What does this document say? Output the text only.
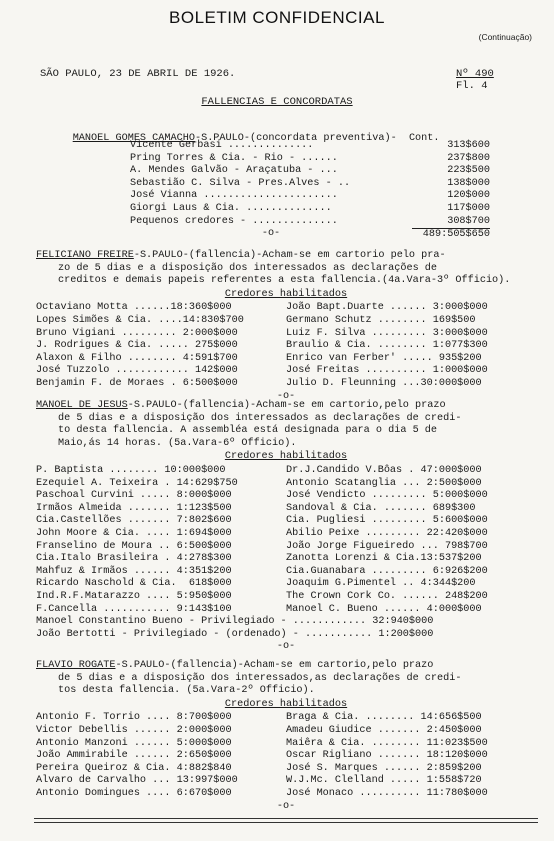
BOLETIM CONFIDENCIAL
(Continuação)
SÃO PAULO, 23 DE ABRIL DE 1926.	Nº 490
Fl. 4
FALLENCIAS E CONCORDATAS

MANOEL GOMES CAMACHO-S.PAULO-(concordata preventiva)-  Cont.

Vicente Gerbasi ..............	313$600
Pring Torres & Cia. - Rio - ......	237$800
A. Mendes Galvão - Araçatuba - ...	223$500
Sebastião C. Silva - Pres.Alves - ..	138$000
José Vianna ......................	120$000
Giorgi Laus & Cia. ..............	117$000
Pequenos credores - ..............	308$700
-o-	489:505$650
FELICIANO FREIRE-S.PAULO-(fallencia)-Acham-se em cartorio pelo pra-
zo de 5 dias e a disposição dos interessados as declarações de
creditos e demais papeis referentes a esta fallencia.(4a.Vara-3º Officio).
Credores habilitados
Octaviano Motta ......18:360$000	João Bapt.Duarte ...... 3:000$000
Lopes Simões & Cia. ....14:830$700	Germano Schutz ........ 169$500
Bruno Vigiani ......... 2:000$000	Luiz F. Silva ......... 3:000$000
J. Rodrigues & Cia. ..... 275$000	Braulio & Cia. ........ 1:077$300
Alaxon & Filho ........ 4:591$700	Enrico van Ferber' ..... 935$200
José Tuzzolo ............ 142$000	José Freitas .......... 1:000$000
Benjamin F. de Moraes . 6:500$000	Julio D. Fleunning ...30:000$000
-o-
MANOEL DE JESUS-S.PAULO-(fallencia)-Acham-se em cartorio,pelo prazo
de 5 dias e a disposição dos interessados as declarações de credi-
to desta fallencia. A assembléa está designada para o dia 5 de
Maio,ás 14 horas. (5a.Vara-6º Officio).
Credores habilitados
P. Baptista ........ 10:000$000	Dr.J.Candido V.Bôas . 47:000$000
Ezequiel A. Teixeira . 14:629$750	Antonio Scatanglia ... 2:500$000
Paschoal Curvini ..... 8:000$000	José Vendicto ......... 5:000$000
Irmãos Almeida ....... 1:123$500	Sandoval & Cia. ....... 689$300
Cia.Castellões ....... 7:802$600	Cia. Pugliesi ......... 5:600$000
John Moore & Cia. .... 1:694$000	Abilio Peixe ......... 22:420$000
Franselino de Moura .. 6:500$000	João Jorge Figueiredo ... 798$700
Cia.Italo Brasileira . 4:278$300	Zanotta Lorenzi & Cia.13:537$200
Mahfuz & Irmãos ...... 4:351$200	Cia.Guanabara ......... 6:926$200
Ricardo Naschold & Cia.  618$000	Joaquim G.Pimentel .. 4:344$200
Ind.R.F.Matarazzo .... 5:950$000	The Crown Cork Co. ...... 248$200
F.Cancella ........... 9:143$100	Manoel C. Bueno ...... 4:000$000
Manoel Constantino Bueno - Privilegiado - ............ 32:940$000
João Bertotti - Privilegiado - (ordenado) - ........... 1:200$000
-o-
FLAVIO ROGATE-S.PAULO-(fallencia)-Acham-se em cartorio,pelo prazo
de 5 dias e a disposição dos interessados,as declarações de credi-
tos desta fallencia. (5a.Vara-2º Officio).
Credores habilitados
Antonio F. Torrio .... 8:700$000	Braga & Cia. ........ 14:656$500
Victor Debellis ...... 2:000$000	Amadeu Giudice ....... 2:450$000
Antonio Manzoni ...... 5:000$000	Maiêra & Cia. ........ 11:023$500
João Ammirabile ...... 2:650$000	Oscar Rigliano ....... 18:120$000
Pereira Queiroz & Cia. 4:882$840	José S. Marques ...... 2:859$200
Alvaro de Carvalho ... 13:997$000	W.J.Mc. Clelland ..... 1:558$720
Antonio Domingues .... 6:670$000	José Monaco .......... 11:780$000
-o-
